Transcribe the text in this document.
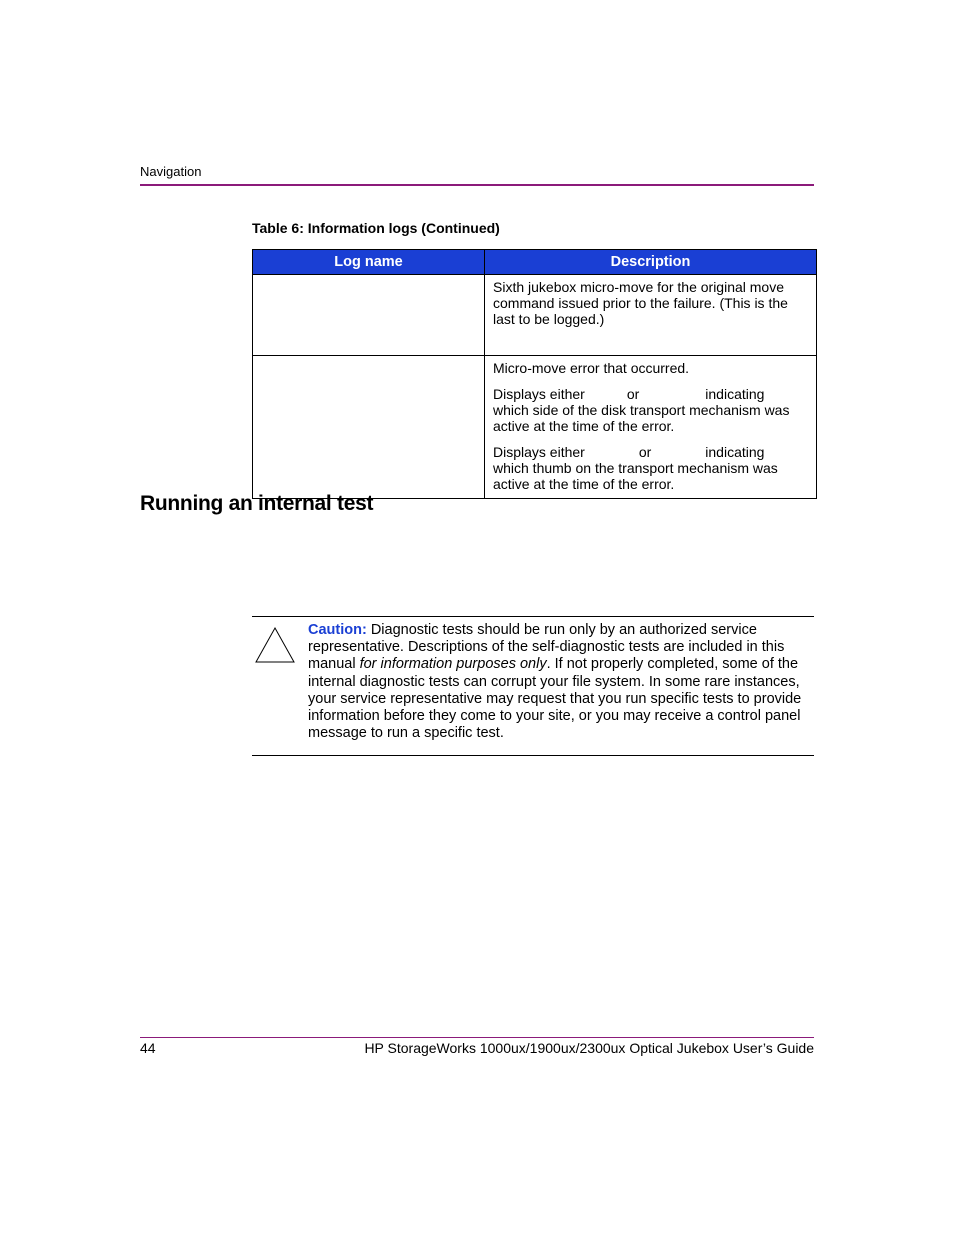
Navigation
Table 6: Information logs (Continued)
Log name	Description

	Sixth jukebox micro-move for the original move command issued prior to the failure. (This is the last to be logged.)

	Micro-move error that occurred.

Displays either or indicating
which side of the disk transport mechanism was active at the time of the error.

Displays either or indicating
which thumb on the transport mechanism was active at the time of the error.

Running an internal test
Caution: Diagnostic tests should be run only by an authorized service representative. Descriptions of the self-diagnostic tests are included in this manual for information purposes only. If not properly completed, some of the internal diagnostic tests can corrupt your file system. In some rare instances, your service representative may request that you run specific tests to provide information before they come to your site, or you may receive a control panel message to run a specific test.
44	HP StorageWorks 1000ux/1900ux/2300ux Optical Jukebox User’s Guide
